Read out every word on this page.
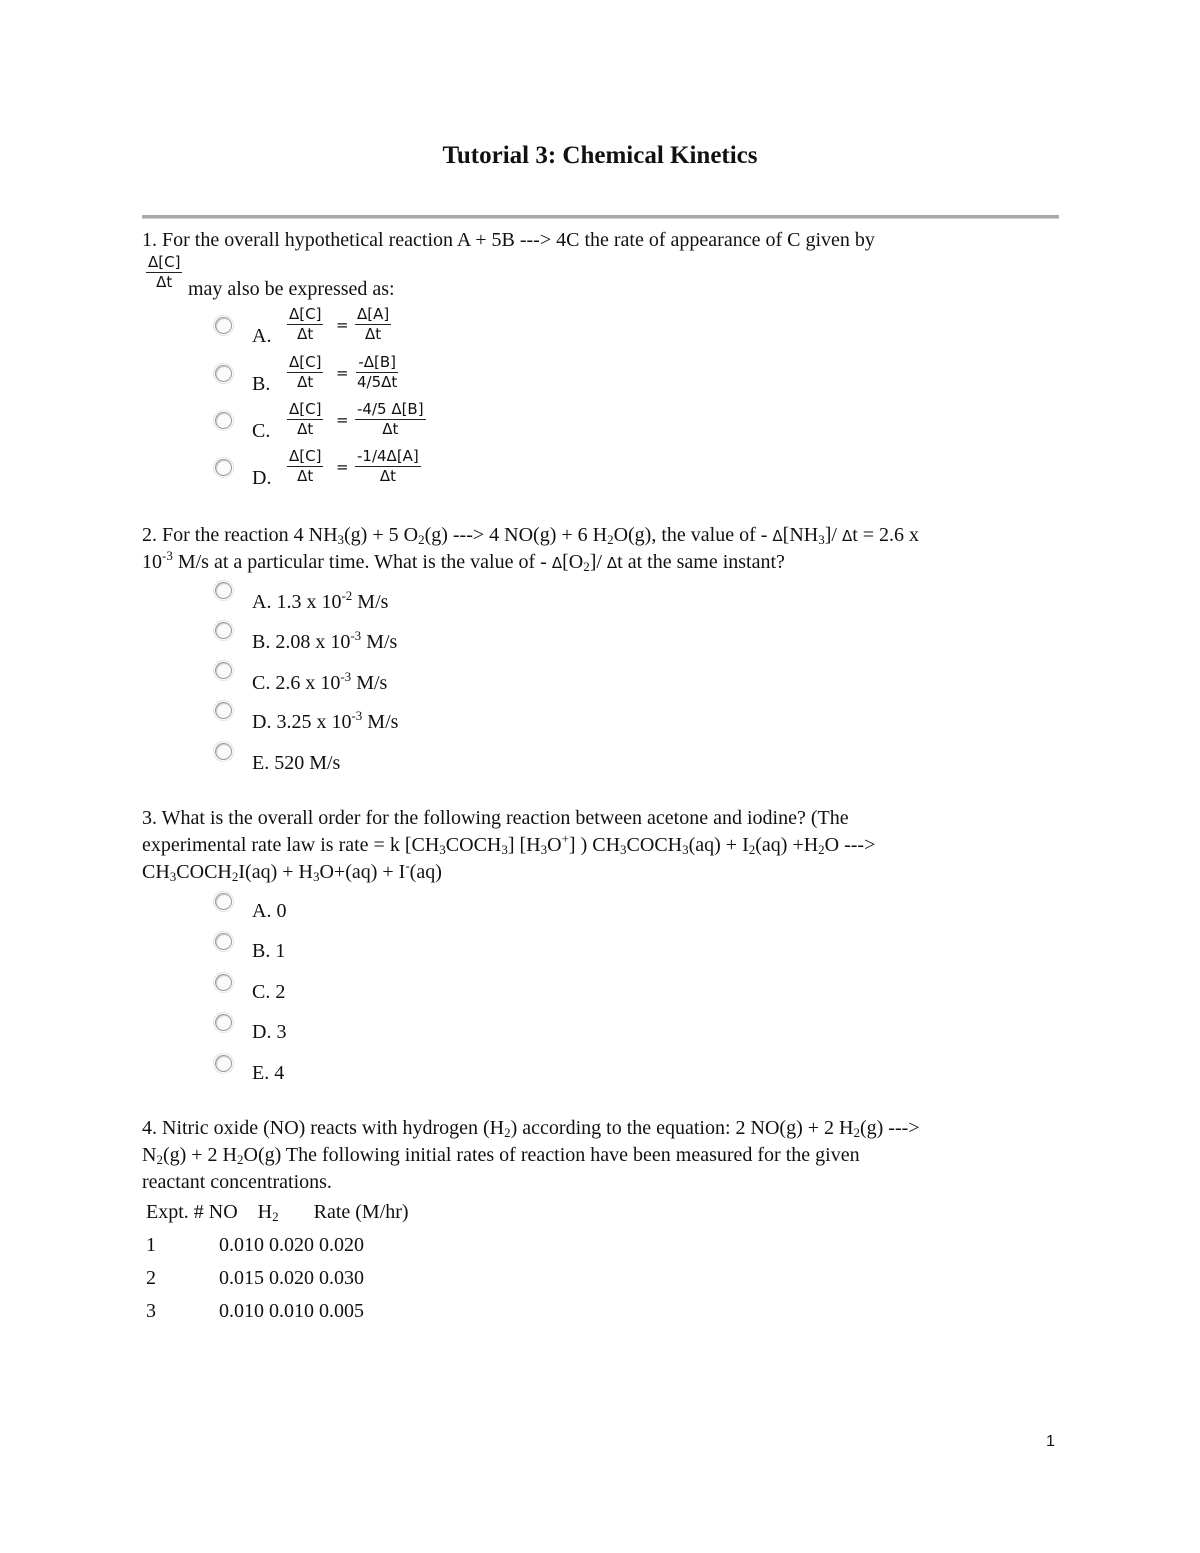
Tutorial 3: Chemical Kinetics
1. For the overall hypothetical reaction A + 5B ---> 4C the rate of appearance of C given by
$\frac{\Delta[C]}{\Delta t}$ may also be expressed as:
A. $\frac{\Delta[C]}{\Delta t} = \frac{\Delta[A]}{\Delta t}$
B. $\frac{\Delta[C]}{\Delta t} = \frac{-\Delta[B]}{4/5\Delta t}$
C. $\frac{\Delta[C]}{\Delta t} = \frac{-4/5 \Delta[B]}{\Delta t}$
D. $\frac{\Delta[C]}{\Delta t} = \frac{-1/4\Delta[A]}{\Delta t}$
2. For the reaction 4 $NH_3(g) + 5$ $O_2(g)$ ---> 4 NO(g) + 6 $H_2O(g)$, the value of - $\Delta[NH_3]/$ Δt = 2.6 x
$10^{-3}$ M/s at a particular time. What is the value of - $\Delta[O_2]/$ Δt at the same instant?
A. 1.3 x $10^{-2}$ M/s
B. 2.08 x $10^{-3}$ M/s
C. 2.6 x $10^{-3}$ M/s
D. 3.25 x $10^{-3}$ M/s
E. 520 M/s
3. What is the overall order for the following reaction between acetone and iodine? (The
experimental rate law is rate = k $[CH_3COCH_3]$ $[H_3O^+]$ ) $CH_3COCH_3(aq) + I_2(aq) +H_2O$ --->
$CH_3COCH_2I(aq) + H_3O+(aq) + I^-(aq)$
A. 0
B. 1
C. 2
D. 3
E. 4
4. Nitric oxide (NO) reacts with hydrogen $(H_2)$ according to the equation: 2 NO(g) + 2 $H_2(g)$ --->
$N_2(g) + 2$ $H_2O(g)$ The following initial rates of reaction have been measured for the given
reactant concentrations.
Expt. # NO    $H_2$       Rate (M/hr)
1	0.010 0.020 0.020
2	0.015 0.020 0.030
3	0.010 0.010 0.005
1
